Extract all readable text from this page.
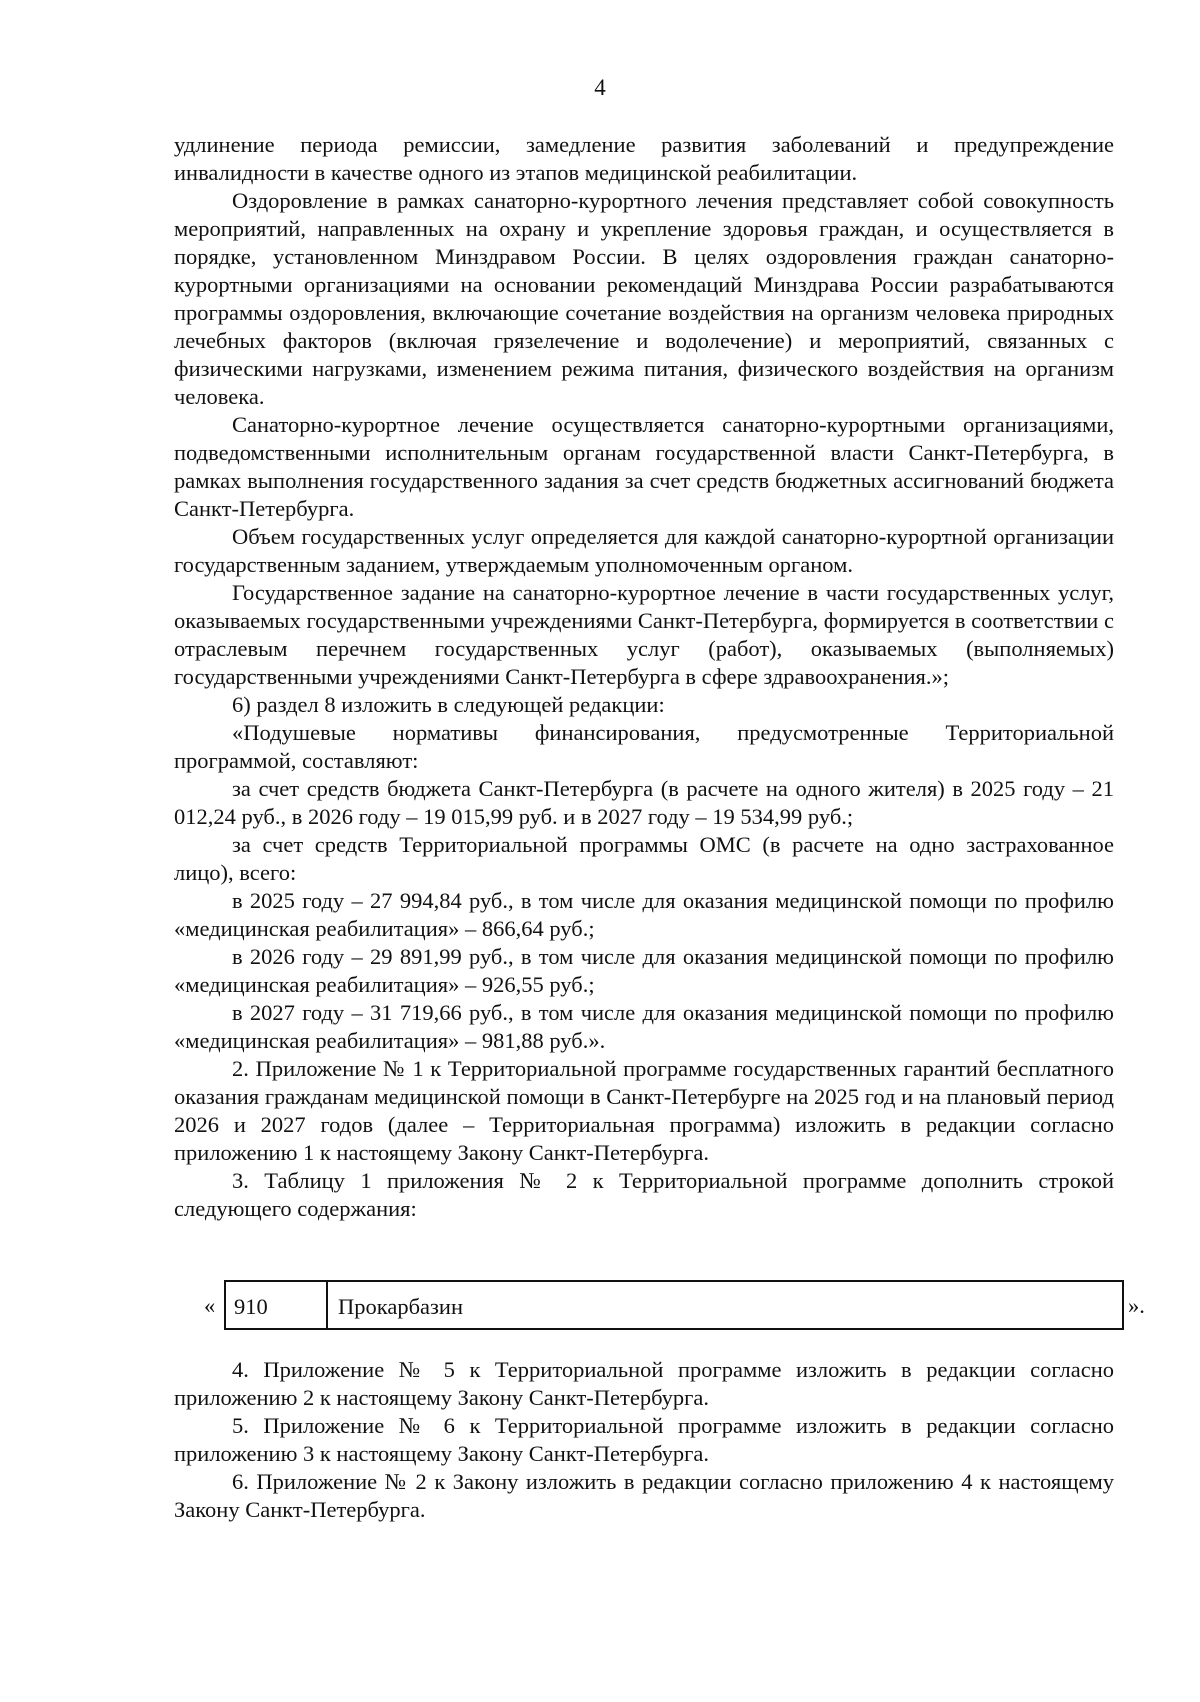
4

удлинение периода ремиссии, замедление развития заболеваний и предупреждение инвалидности в качестве одного из этапов медицинской реабилитации.

Оздоровление в рамках санаторно-курортного лечения представляет собой совокупность мероприятий, направленных на охрану и укрепление здоровья граждан, и осуществляется в порядке, установленном Минздравом России. В целях оздоровления граждан санаторно-курортными организациями на основании рекомендаций Минздрава России разрабатываются программы оздоровления, включающие сочетание воздействия на организм человека природных лечебных факторов (включая грязелечение и водолечение) и мероприятий, связанных с физическими нагрузками, изменением режима питания, физического воздействия на организм человека.

Санаторно-курортное лечение осуществляется санаторно-курортными организациями, подведомственными исполнительным органам государственной власти Санкт-Петербурга, в рамках выполнения государственного задания за счет средств бюджетных ассигнований бюджета Санкт-Петербурга.

Объем государственных услуг определяется для каждой санаторно-курортной организации государственным заданием, утверждаемым уполномоченным органом.

Государственное задание на санаторно-курортное лечение в части государственных услуг, оказываемых государственными учреждениями Санкт-Петербурга, формируется в соответствии с отраслевым перечнем государственных услуг (работ), оказываемых (выполняемых) государственными учреждениями Санкт-Петербурга в сфере здравоохранения.»;

6) раздел 8 изложить в следующей редакции:

«Подушевые нормативы финансирования, предусмотренные Территориальной программой, составляют:

за счет средств бюджета Санкт-Петербурга (в расчете на одного жителя) в 2025 году – 21 012,24 руб., в 2026 году – 19 015,99 руб. и в 2027 году – 19 534,99 руб.;

за счет средств Территориальной программы ОМС (в расчете на одно застрахованное лицо), всего:

в 2025 году – 27 994,84 руб., в том числе для оказания медицинской помощи по профилю «медицинская реабилитация» – 866,64 руб.;

в 2026 году – 29 891,99 руб., в том числе для оказания медицинской помощи по профилю «медицинская реабилитация» – 926,55 руб.;

в 2027 году – 31 719,66 руб., в том числе для оказания медицинской помощи по профилю «медицинская реабилитация» – 981,88 руб.».

2. Приложение № 1 к Территориальной программе государственных гарантий бесплатного оказания гражданам медицинской помощи в Санкт-Петербурге на 2025 год и на плановый период 2026 и 2027 годов (далее – Территориальная программа) изложить в редакции согласно приложению 1 к настоящему Закону Санкт-Петербурга.

3. Таблицу 1 приложения № 2 к Территориальной программе дополнить строкой следующего содержания:

« 910	Прокарбазин	».

4. Приложение № 5 к Территориальной программе изложить в редакции согласно приложению 2 к настоящему Закону Санкт-Петербурга.

5. Приложение № 6 к Территориальной программе изложить в редакции согласно приложению 3 к настоящему Закону Санкт-Петербурга.

6. Приложение № 2 к Закону изложить в редакции согласно приложению 4 к настоящему Закону Санкт-Петербурга.
